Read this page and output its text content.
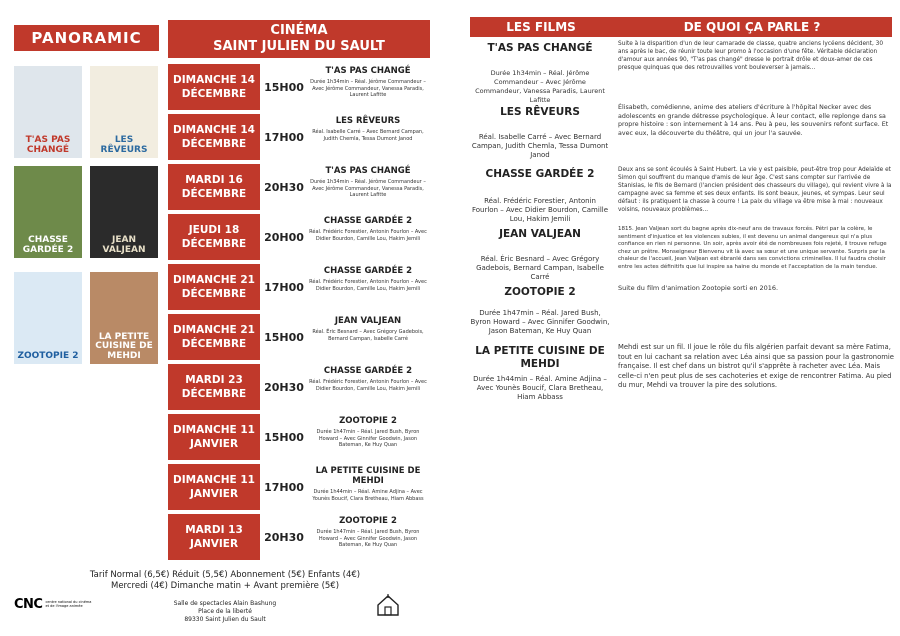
PANORAMIC
T'AS PAS CHANGÉ
LES RÊVEURS
CHASSE GARDÉE 2
JEAN VALJEAN
ZOOTOPIE 2
LA PETITE CUISINE DE MEHDI
CINÉMA
SAINT JULIEN DU SAULT
DIMANCHE 14
DÉCEMBRE
15H00
T'AS PAS CHANGÉ
Durée 1h34min – Réal. Jérôme Commandeur – Avec Jérôme Commandeur, Vanessa Paradis, Laurent Lafitte
DIMANCHE 14
DÉCEMBRE
17H00
LES RÊVEURS
Réal. Isabelle Carré – Avec Bernard Campan, Judith Chemla, Tessa Dumont Janod
MARDI 16
DÉCEMBRE
20H30
T'AS PAS CHANGÉ
Durée 1h34min – Réal. Jérôme Commandeur – Avec Jérôme Commandeur, Vanessa Paradis, Laurent Lafitte
JEUDI 18
DÉCEMBRE
20H00
CHASSE GARDÉE 2
Réal. Frédéric Forestier, Antonin Fourlon – Avec Didier Bourdon, Camille Lou, Hakim Jemili
DIMANCHE 21
DÉCEMBRE
17H00
CHASSE GARDÉE 2
Réal. Frédéric Forestier, Antonin Fourlon – Avec Didier Bourdon, Camille Lou, Hakim Jemili
DIMANCHE 21
DÉCEMBRE
15H00
JEAN VALJEAN
Réal. Éric Besnard – Avec Grégory Gadebois, Bernard Campan, Isabelle Carré
MARDI 23
DÉCEMBRE
20H30
CHASSE GARDÉE 2
Réal. Frédéric Forestier, Antonin Fourlon – Avec Didier Bourdon, Camille Lou, Hakim Jemili
DIMANCHE 11
JANVIER
15H00
ZOOTOPIE 2
Durée 1h47min – Réal. Jared Bush, Byron Howard – Avec Ginnifer Goodwin, Jason Bateman, Ke Huy Quan
DIMANCHE 11
JANVIER
17H00
LA PETITE CUISINE DE MEHDI
Durée 1h44min – Réal. Amine Adjina – Avec Younès Boucif, Clara Bretheau, Hiam Abbass
MARDI 13
JANVIER
20H30
ZOOTOPIE 2
Durée 1h47min – Réal. Jared Bush, Byron Howard – Avec Ginnifer Goodwin, Jason Bateman, Ke Huy Quan
Tarif Normal (6,5€) Réduit (5,5€) Abonnement (5€) Enfants (4€)
Mercredi (4€) Dimanche matin + Avant première (5€)
CNC centre national du cinéma et de l'image animée	Salle de spectacles Alain Bashung
Place de la liberté
89330 Saint Julien du Sault
LES FILMS	DE QUOI ÇA PARLE ?
T'AS PAS CHANGÉ
Durée 1h34min – Réal. Jérôme Commandeur – Avec Jérôme Commandeur, Vanessa Paradis, Laurent Lafitte
Suite à la disparition d'un de leur camarade de classe, quatre anciens lycéens décident, 30 ans après le bac, de réunir toute leur promo à l'occasion d'une fête. Véritable déclaration d'amour aux années 90, "T'as pas changé" dresse le portrait drôle et doux-amer de ces presque quinquas que des retrouvailles vont bouleverser à jamais...
LES RÊVEURS
Réal. Isabelle Carré – Avec Bernard Campan, Judith Chemla, Tessa Dumont Janod
Élisabeth, comédienne, anime des ateliers d'écriture à l'hôpital Necker avec des adolescents en grande détresse psychologique. À leur contact, elle replonge dans sa propre histoire : son internement à 14 ans. Peu à peu, les souvenirs refont surface. Et avec eux, la découverte du théâtre, qui un jour l'a sauvée.
CHASSE GARDÉE 2
Réal. Frédéric Forestier, Antonin Fourlon – Avec Didier Bourdon, Camille Lou, Hakim Jemili
Deux ans se sont écoulés à Saint Hubert. La vie y est paisible, peut-être trop pour Adelaïde et Simon qui souffrent du manque d'amis de leur âge. C'est sans compter sur l'arrivée de Stanislas, le fils de Bernard (l'ancien président des chasseurs du village), qui revient vivre à la campagne avec sa femme et ses deux enfants. Ils sont beaux, jeunes, et sympas. Leur seul défaut : ils pratiquent la chasse à courre ! La paix du village va être mise à mal : nouveaux voisins, nouveaux problèmes...
JEAN VALJEAN
Réal. Éric Besnard – Avec Grégory Gadebois, Bernard Campan, Isabelle Carré
1815. Jean Valjean sort du bagne après dix-neuf ans de travaux forcés. Pétri par la colère, le sentiment d'injustice et les violences subies, il est devenu un animal dangereux qui n'a plus confiance en rien ni personne. Un soir, après avoir été de nombreuses fois rejeté, il trouve refuge chez un prêtre. Monseigneur Bienvenu vit là avec sa sœur et une unique servante. Surpris par la chaleur de l'accueil, Jean Valjean est ébranlé dans ses convictions criminelles. Il lui faudra choisir entre les actes définitifs que lui inspire sa haine du monde et l'acceptation de la main tendue.
ZOOTOPIE 2
Durée 1h47min – Réal. Jared Bush, Byron Howard – Avec Ginnifer Goodwin, Jason Bateman, Ke Huy Quan
Suite du film d'animation Zootopie sorti en 2016.
LA PETITE CUISINE DE MEHDI
Durée 1h44min – Réal. Amine Adjina – Avec Younès Boucif, Clara Bretheau, Hiam Abbass
Mehdi est sur un fil. Il joue le rôle du fils algérien parfait devant sa mère Fatima, tout en lui cachant sa relation avec Léa ainsi que sa passion pour la gastronomie française. Il est chef dans un bistrot qu'il s'apprête à racheter avec Léa. Mais celle-ci n'en peut plus de ses cachoteries et exige de rencontrer Fatima. Au pied du mur, Mehdi va trouver la pire des solutions.
